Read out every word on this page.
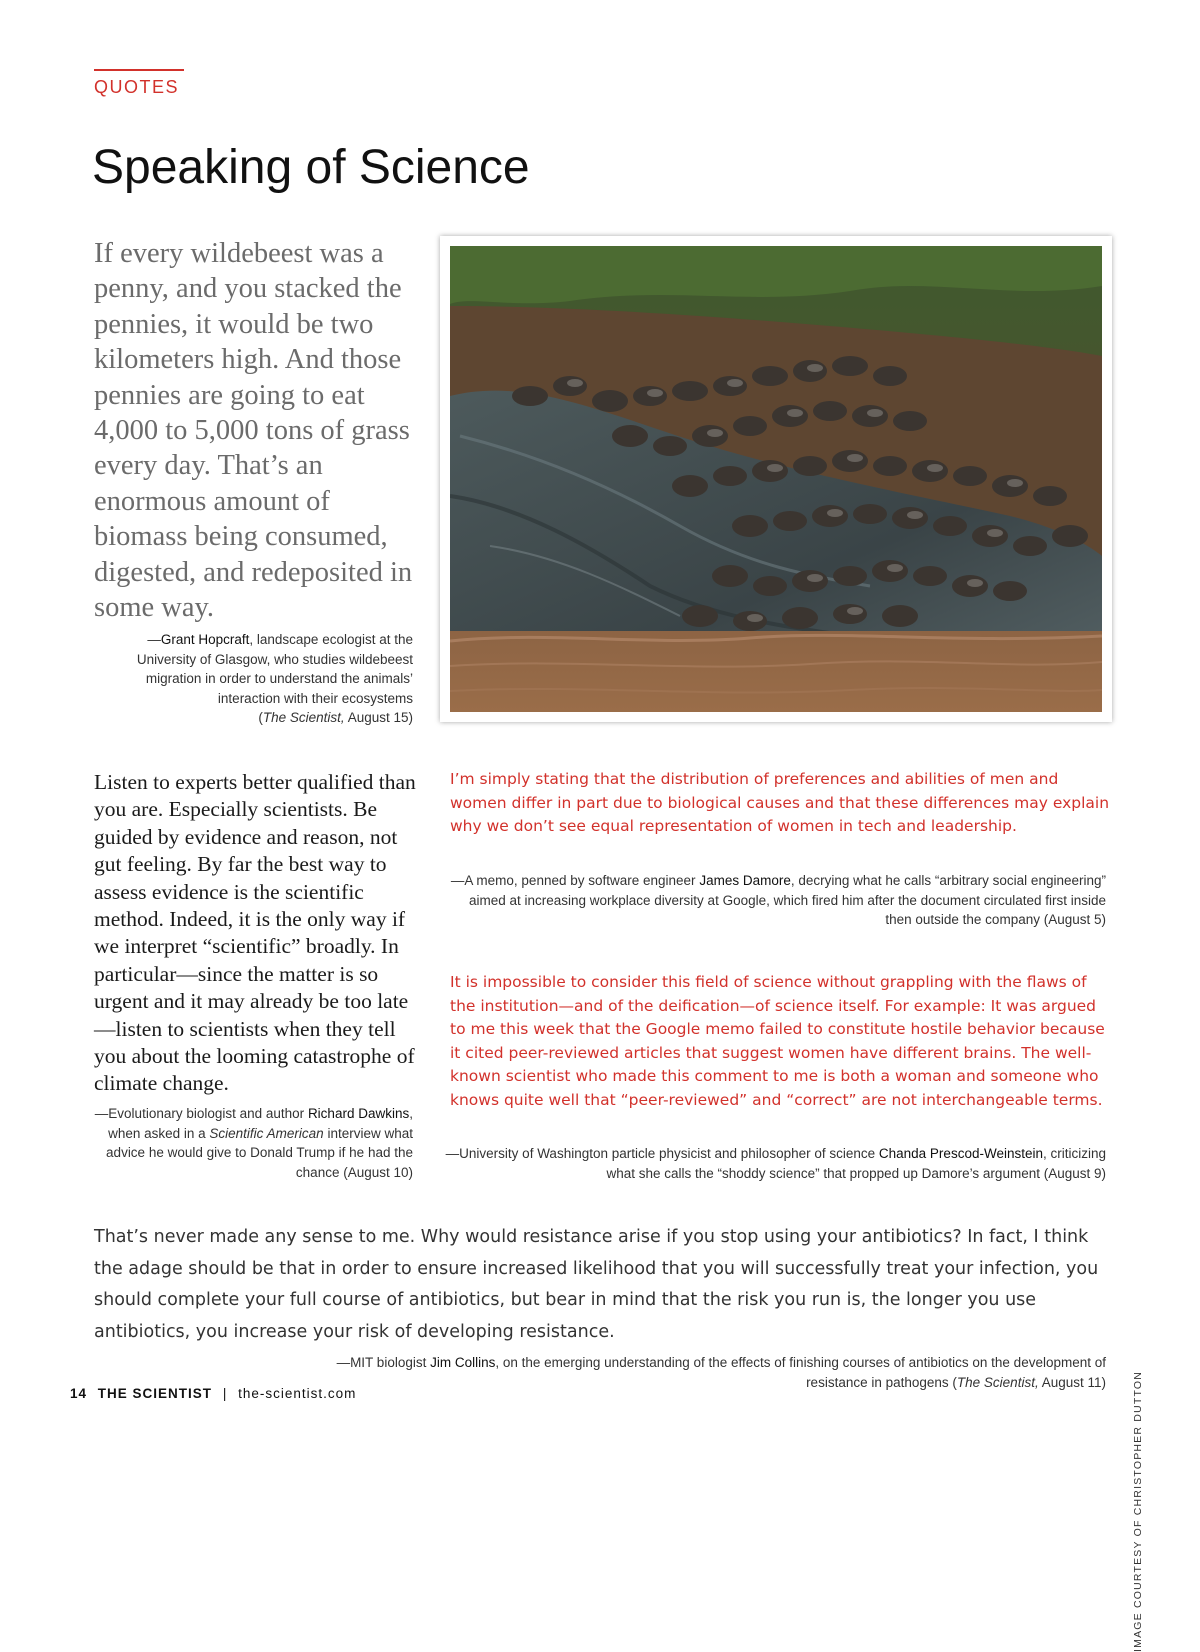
QUOTES
Speaking of Science
If every wildebeest was a penny, and you stacked the pennies, it would be two kilometers high. And those pennies are going to eat 4,000 to 5,000 tons of grass every day. That’s an enormous amount of biomass being consumed, digested, and redeposited in some way.
—Grant Hopcraft, landscape ecologist at the University of Glasgow, who studies wildebeest migration in order to understand the animals’ interaction with their ecosystems
(The Scientist, August 15)
Listen to experts better qualified than you are. Especially scientists. Be guided by evidence and reason, not gut feeling. By far the best way to assess evidence is the scientific method. Indeed, it is the only way if we interpret “scientific” broadly. In particular—since the matter is so urgent and it may already be too late—listen to scientists when they tell you about the looming catastrophe of climate change.
—Evolutionary biologist and author Richard Dawkins, when asked in a Scientific American interview what advice he would give to Donald Trump if he had the chance (August 10)
I’m simply stating that the distribution of preferences and abilities of men and women differ in part due to biological causes and that these differences may explain why we don’t see equal representation of women in tech and leadership.
—A memo, penned by software engineer James Damore, decrying what he calls “arbitrary social engineering” aimed at increasing workplace diversity at Google, which fired him after the document circulated first inside then outside the company (August 5)
It is impossible to consider this field of science without grappling with the flaws of the institution—and of the deification—of science itself. For example: It was argued to me this week that the Google memo failed to constitute hostile behavior because it cited peer-reviewed articles that suggest women have different brains. The well-known scientist who made this comment to me is both a woman and someone who knows quite well that “peer-reviewed” and “correct” are not interchangeable terms.
—University of Washington particle physicist and philosopher of science Chanda Prescod-Weinstein, criticizing what she calls the “shoddy science” that propped up Damore’s argument (August 9)
That’s never made any sense to me. Why would resistance arise if you stop using your antibiotics? In fact, I think the adage should be that in order to ensure increased likelihood that you will successfully treat your infection, you should complete your full course of antibiotics, but bear in mind that the risk you run is, the longer you use antibiotics, you increase your risk of developing resistance.
—MIT biologist Jim Collins, on the emerging understanding of the effects of finishing courses of antibiotics on the development of resistance in pathogens (The Scientist, August 11) IMAGE COURTESY OF CHRISTOPHER DUTTON
14 THE SCIENTIST | the-scientist.com
